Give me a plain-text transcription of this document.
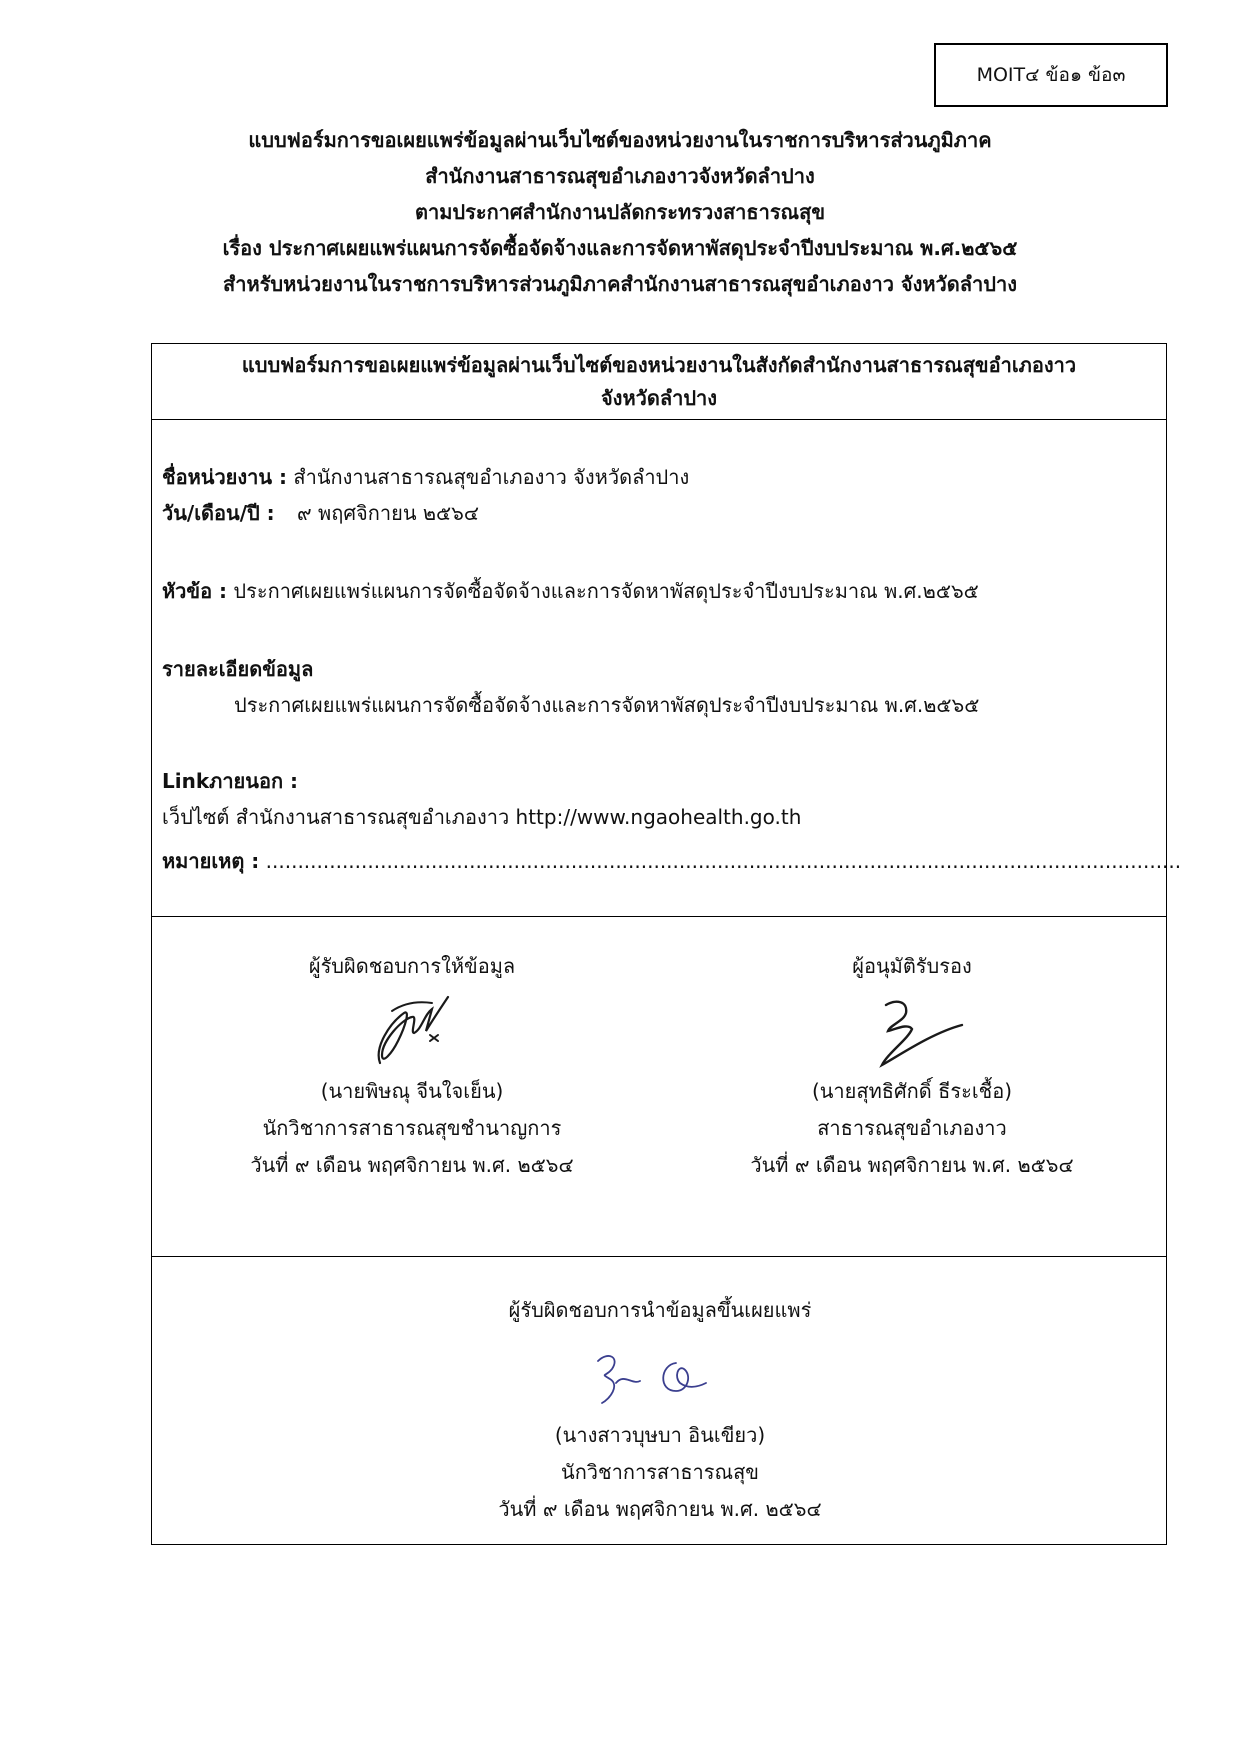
MOIT๔ ข้อ๑ ข้อ๓
แบบฟอร์มการขอเผยแพร่ข้อมูลผ่านเว็บไซต์ของหน่วยงานในราชการบริหารส่วนภูมิภาค
สำนักงานสาธารณสุขอำเภองาวจังหวัดลำปาง
ตามประกาศสำนักงานปลัดกระทรวงสาธารณสุข
เรื่อง ประกาศเผยแพร่แผนการจัดซื้อจัดจ้างและการจัดหาพัสดุประจำปีงบประมาณ พ.ศ.๒๕๖๕
สำหรับหน่วยงานในราชการบริหารส่วนภูมิภาคสำนักงานสาธารณสุขอำเภองาว จังหวัดลำปาง
แบบฟอร์มการขอเผยแพร่ข้อมูลผ่านเว็บไซต์ของหน่วยงานในสังกัดสำนักงานสาธารณสุขอำเภองาว
จังหวัดลำปาง
ชื่อหน่วยงาน : สำนักงานสาธารณสุขอำเภองาว จังหวัดลำปาง
วัน/เดือน/ปี : ๙ พฤศจิกายน ๒๕๖๔
หัวข้อ : ประกาศเผยแพร่แผนการจัดซื้อจัดจ้างและการจัดหาพัสดุประจำปีงบประมาณ พ.ศ.๒๕๖๕
รายละเอียดข้อมูล
ประกาศเผยแพร่แผนการจัดซื้อจัดจ้างและการจัดหาพัสดุประจำปีงบประมาณ พ.ศ.๒๕๖๕
Linkภายนอก :
เว็ปไซต์ สำนักงานสาธารณสุขอำเภองาว http://www.ngaohealth.go.th
หมายเหตุ : ................................................................................................................................................
ผู้รับผิดชอบการให้ข้อมูล
(นายพิษณุ จีนใจเย็น)
นักวิชาการสาธารณสุขชำนาญการ
วันที่ ๙ เดือน พฤศจิกายน พ.ศ. ๒๕๖๔
ผู้อนุมัติรับรอง
(นายสุทธิศักดิ์ ธีระเชื้อ)
สาธารณสุขอำเภองาว
วันที่ ๙ เดือน พฤศจิกายน พ.ศ. ๒๕๖๔
ผู้รับผิดชอบการนำข้อมูลขึ้นเผยแพร่
(นางสาวบุษบา อินเขียว)
นักวิชาการสาธารณสุข
วันที่ ๙ เดือน พฤศจิกายน พ.ศ. ๒๕๖๔
